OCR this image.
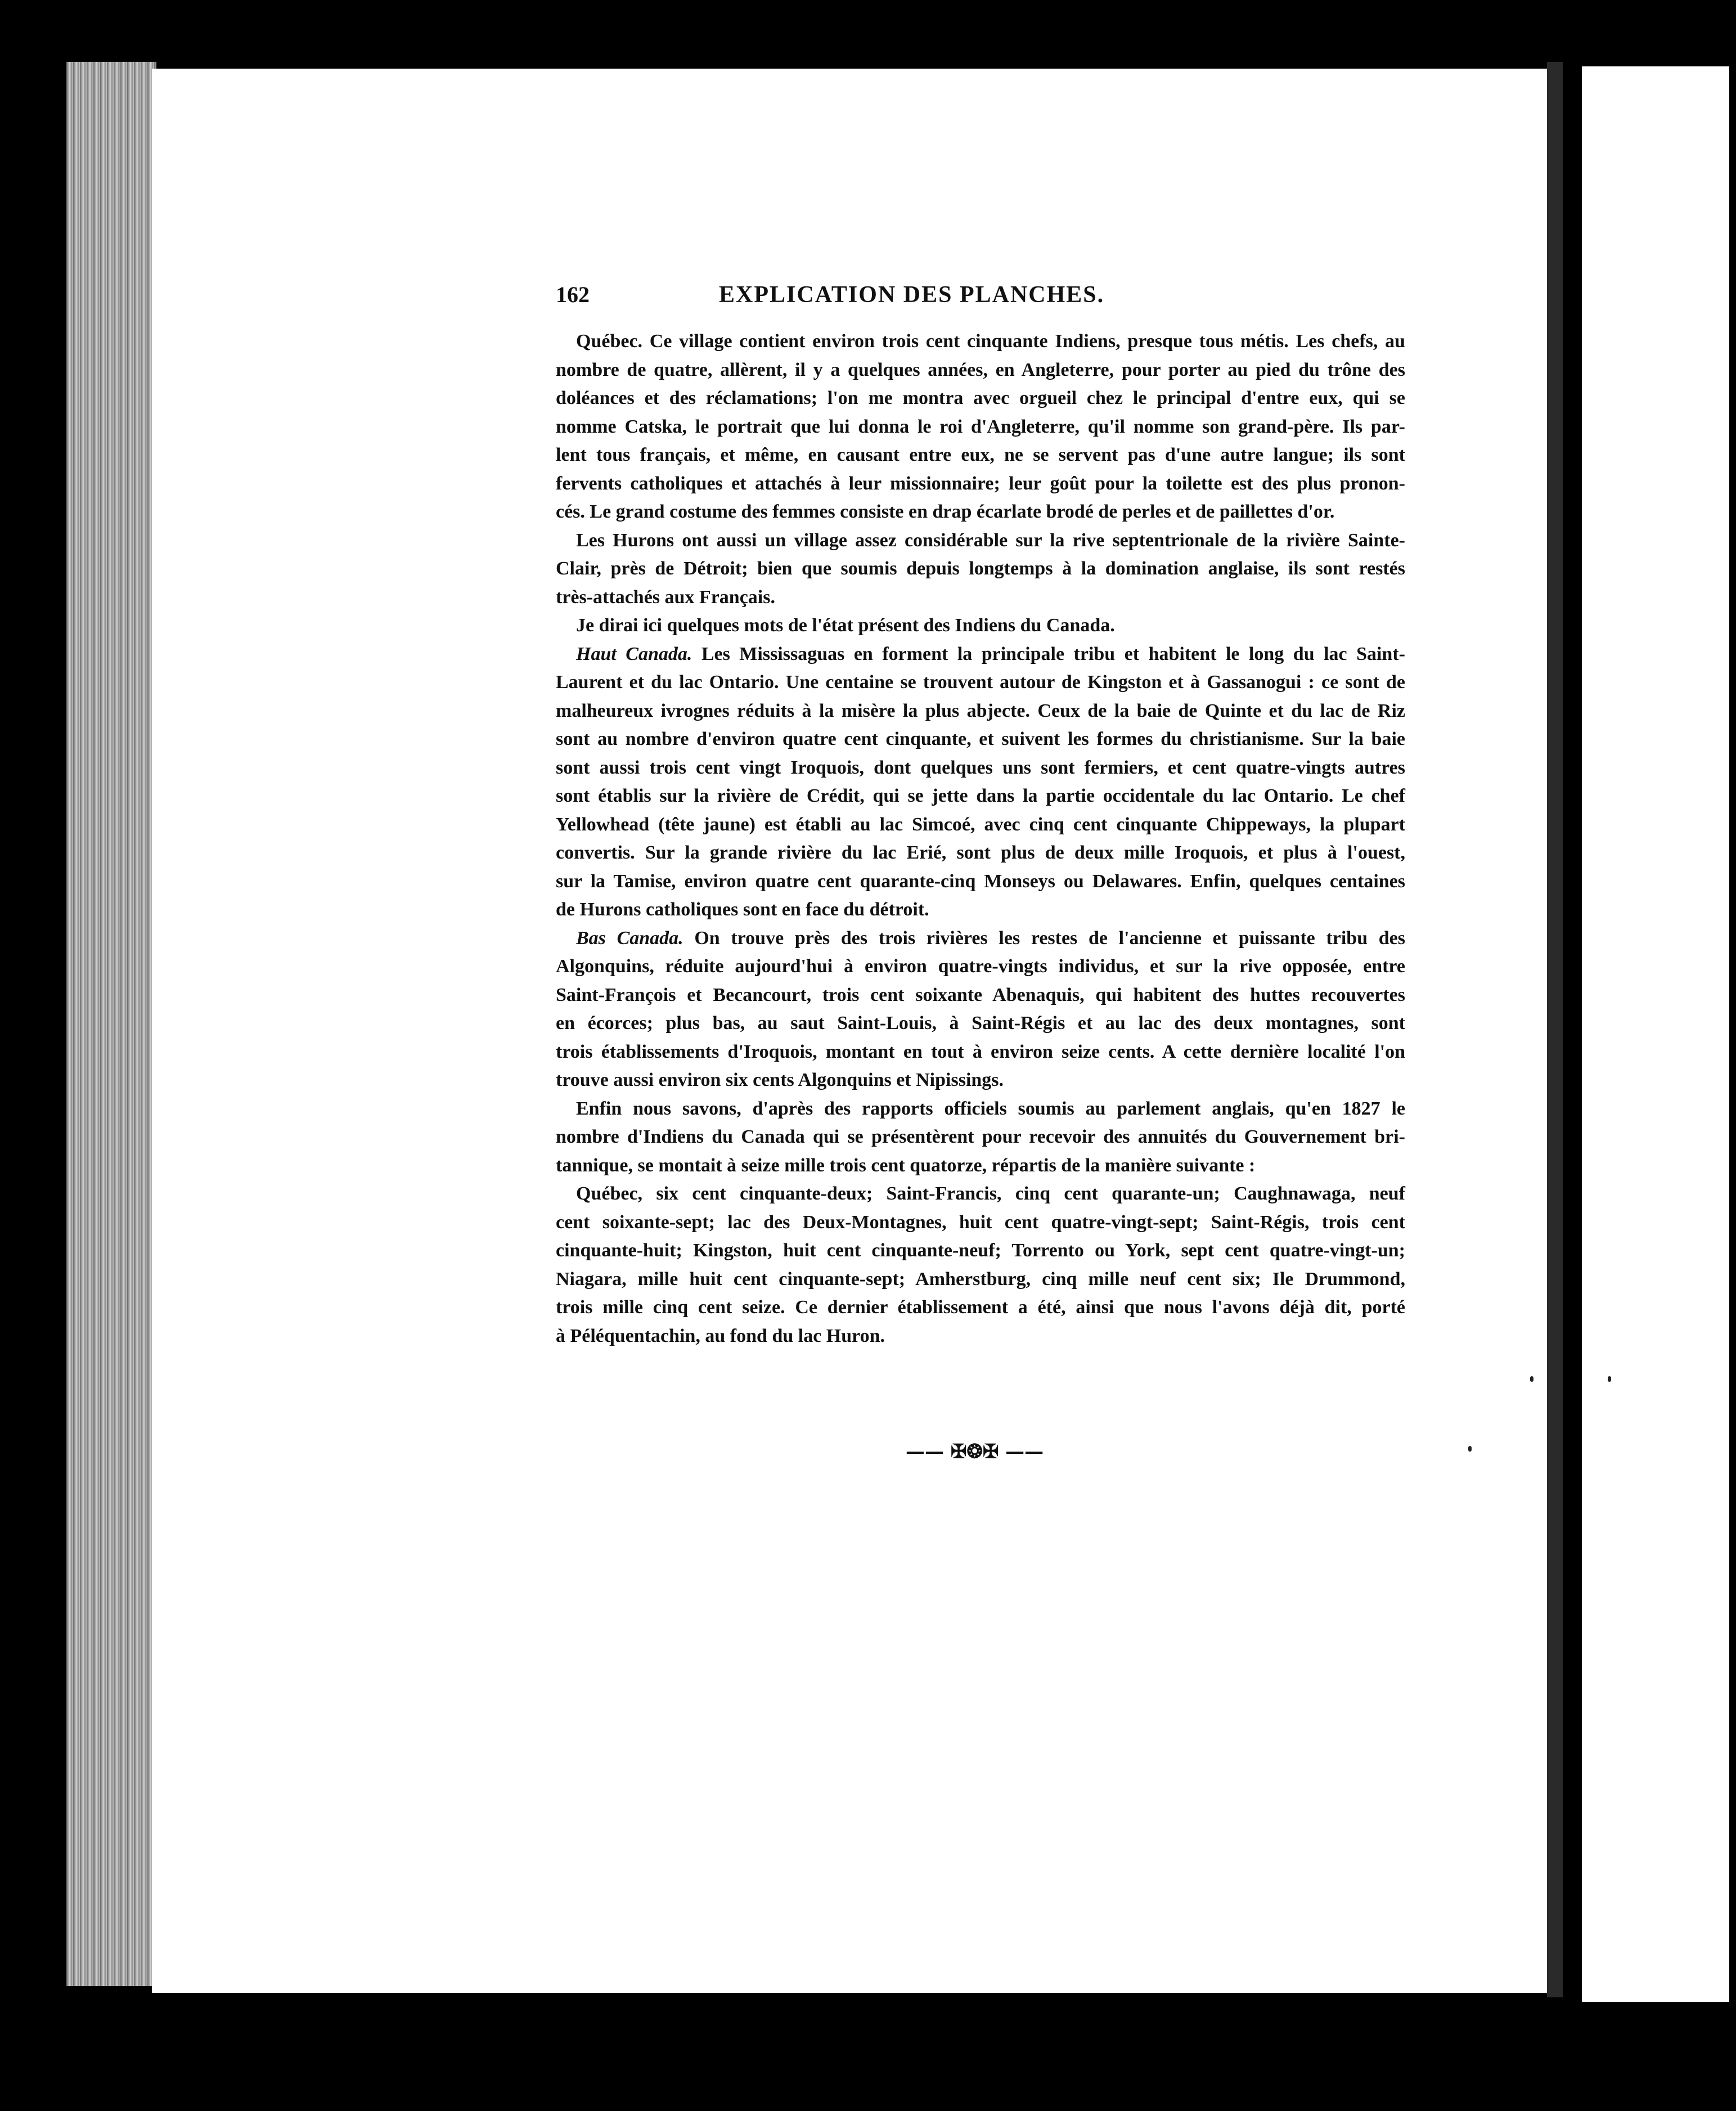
162	EXPLICATION DES PLANCHES.
Québec. Ce village contient environ trois cent cinquante Indiens, presque tous métis. Les chefs, au
nombre de quatre, allèrent, il y a quelques années, en Angleterre, pour porter au pied du trône des
doléances et des réclamations; l'on me montra avec orgueil chez le principal d'entre eux, qui se
nomme Catska, le portrait que lui donna le roi d'Angleterre, qu'il nomme son grand-père. Ils par-
lent tous français, et même, en causant entre eux, ne se servent pas d'une autre langue; ils sont
fervents catholiques et attachés à leur missionnaire; leur goût pour la toilette est des plus pronon-
cés. Le grand costume des femmes consiste en drap écarlate brodé de perles et de paillettes d'or.
Les Hurons ont aussi un village assez considérable sur la rive septentrionale de la rivière Sainte-
Clair, près de Détroit; bien que soumis depuis longtemps à la domination anglaise, ils sont restés
très-attachés aux Français.
Je dirai ici quelques mots de l'état présent des Indiens du Canada.
Haut Canada. Les Mississaguas en forment la principale tribu et habitent le long du lac Saint-
Laurent et du lac Ontario. Une centaine se trouvent autour de Kingston et à Gassanogui : ce sont de
malheureux ivrognes réduits à la misère la plus abjecte. Ceux de la baie de Quinte et du lac de Riz
sont au nombre d'environ quatre cent cinquante, et suivent les formes du christianisme. Sur la baie
sont aussi trois cent vingt Iroquois, dont quelques uns sont fermiers, et cent quatre-vingts autres
sont établis sur la rivière de Crédit, qui se jette dans la partie occidentale du lac Ontario. Le chef
Yellowhead (tête jaune) est établi au lac Simcoé, avec cinq cent cinquante Chippeways, la plupart
convertis. Sur la grande rivière du lac Erié, sont plus de deux mille Iroquois, et plus à l'ouest,
sur la Tamise, environ quatre cent quarante-cinq Monseys ou Delawares. Enfin, quelques centaines
de Hurons catholiques sont en face du détroit.
Bas Canada. On trouve près des trois rivières les restes de l'ancienne et puissante tribu des
Algonquins, réduite aujourd'hui à environ quatre-vingts individus, et sur la rive opposée, entre
Saint-François et Becancourt, trois cent soixante Abenaquis, qui habitent des huttes recouvertes
en écorces; plus bas, au saut Saint-Louis, à Saint-Régis et au lac des deux montagnes, sont
trois établissements d'Iroquois, montant en tout à environ seize cents. A cette dernière localité l'on
trouve aussi environ six cents Algonquins et Nipissings.
Enfin nous savons, d'après des rapports officiels soumis au parlement anglais, qu'en 1827 le
nombre d'Indiens du Canada qui se présentèrent pour recevoir des annuités du Gouvernement bri-
tannique, se montait à seize mille trois cent quatorze, répartis de la manière suivante :
Québec, six cent cinquante-deux; Saint-Francis, cinq cent quarante-un; Caughnawaga, neuf
cent soixante-sept; lac des Deux-Montagnes, huit cent quatre-vingt-sept; Saint-Régis, trois cent
cinquante-huit; Kingston, huit cent cinquante-neuf; Torrento ou York, sept cent quatre-vingt-un;
Niagara, mille huit cent cinquante-sept; Amherstburg, cinq mille neuf cent six; Ile Drummond,
trois mille cinq cent seize. Ce dernier établissement a été, ainsi que nous l'avons déjà dit, porté
à Péléquentachin, au fond du lac Huron.
—— ✠❂✠ ——
